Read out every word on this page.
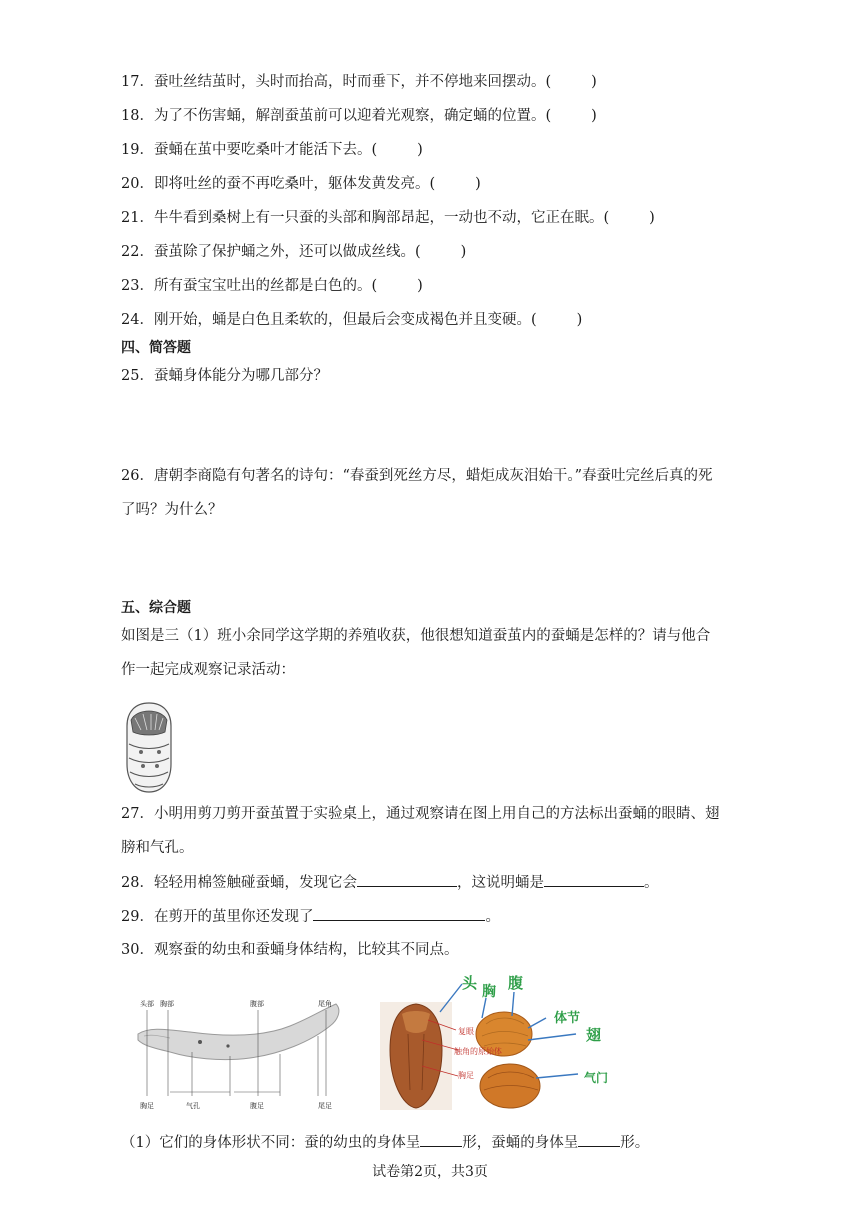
17．蚕吐丝结茧时，头时而抬高，时而垂下，并不停地来回摆动。(	)
18．为了不伤害蛹，解剖蚕茧前可以迎着光观察，确定蛹的位置。(	)
19．蚕蛹在茧中要吃桑叶才能活下去。(	)
20．即将吐丝的蚕不再吃桑叶，躯体发黄发亮。(	)
21．牛牛看到桑树上有一只蚕的头部和胸部昂起，一动也不动，它正在眠。(	)
22．蚕茧除了保护蛹之外，还可以做成丝线。(	)
23．所有蚕宝宝吐出的丝都是白色的。(	)
24．刚开始，蛹是白色且柔软的，但最后会变成褐色并且变硬。(	)
四、简答题
25．蚕蛹身体能分为哪几部分？
26．唐朝李商隐有句著名的诗句：“春蚕到死丝方尽，蜡炬成灰泪始干。”春蚕吐完丝后真的死
了吗？为什么？
五、综合题
如图是三（1）班小余同学这学期的养殖收获，他很想知道蚕茧内的蚕蛹是怎样的？请与他合
作一起完成观察记录活动：
27．小明用剪刀剪开蚕茧置于实验桌上，通过观察请在图上用自己的方法标出蚕蛹的眼睛、翅
膀和气孔。
28．轻轻用棉签触碰蚕蛹，发现它会	，这说明蛹是	。
29．在剪开的茧里你还发现了	。
30．观察蚕的幼虫和蚕蛹身体结构，比较其不同点。
头部 胸部	腹部	尾角
胸足	气孔	腹足	尾足
头 胸 腹
体节
翅
气门
复眼
触角的原始体
胸足
（1）它们的身体形状不同：蚕的幼虫的身体呈	形，蚕蛹的身体呈	形。
试卷第2页，共3页
